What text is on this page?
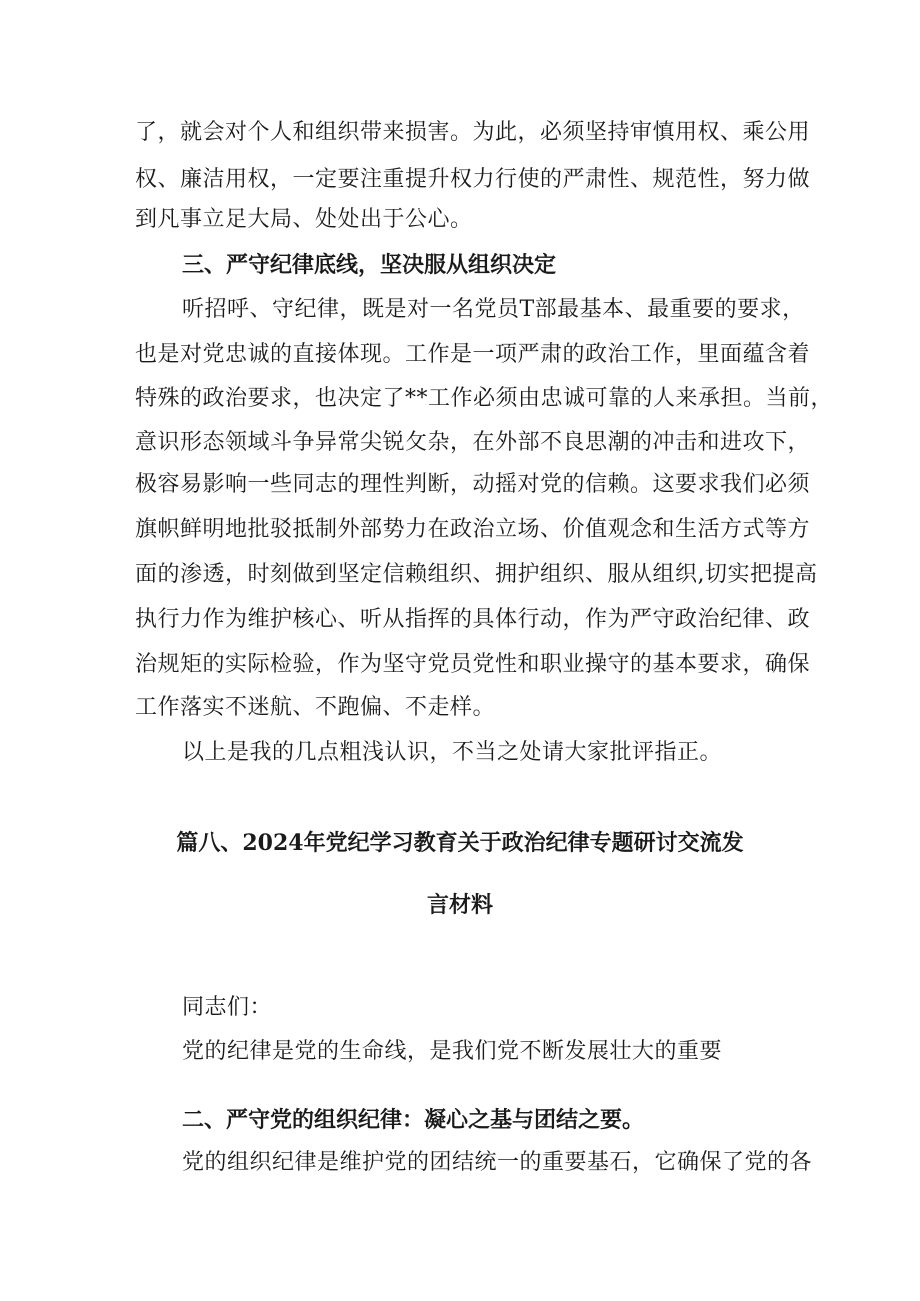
了，就会对个人和组织带来损害。为此，必须坚持审慎用权、乘公用
权、廉洁用权，一定要注重提升权力行使的严肃性、规范性，努力做
到凡事立足大局、处处出于公心。
三、严守纪律底线，坚决服从组织决定
听招呼、守纪律，既是对一名党员T部最基本、最重要的要求，
也是对党忠诚的直接体现。工作是一项严肃的政治工作，里面蕴含着
特殊的政治要求，也决定了**工作必须由忠诚可靠的人来承担。当前，
意识形态领域斗争异常尖锐攵杂，在外部不良思潮的冲击和进攻下，
极容易影响一些同志的理性判断，动摇对党的信赖。这要求我们必须
旗帜鲜明地批驳抵制外部势力在政治立场、价值观念和生活方式等方
面的渗透，时刻做到坚定信赖组织、拥护组织、服从组织,切实把提高
执行力作为维护核心、听从指挥的具体行动，作为严守政治纪律、政
治规矩的实际检验，作为坚守党员党性和职业操守的基本要求，确保
工作落实不迷航、不跑偏、不走样。
以上是我的几点粗浅认识，不当之处请大家批评指正。
篇八、2024年党纪学习教育关于政治纪律专题研讨交流发
言材料
同志们：
党的纪律是党的生命线，是我们党不断发展壮大的重要
二、严守党的组织纪律：凝心之基与团结之要。
党的组织纪律是维护党的团结统一的重要基石，它确保了党的各
